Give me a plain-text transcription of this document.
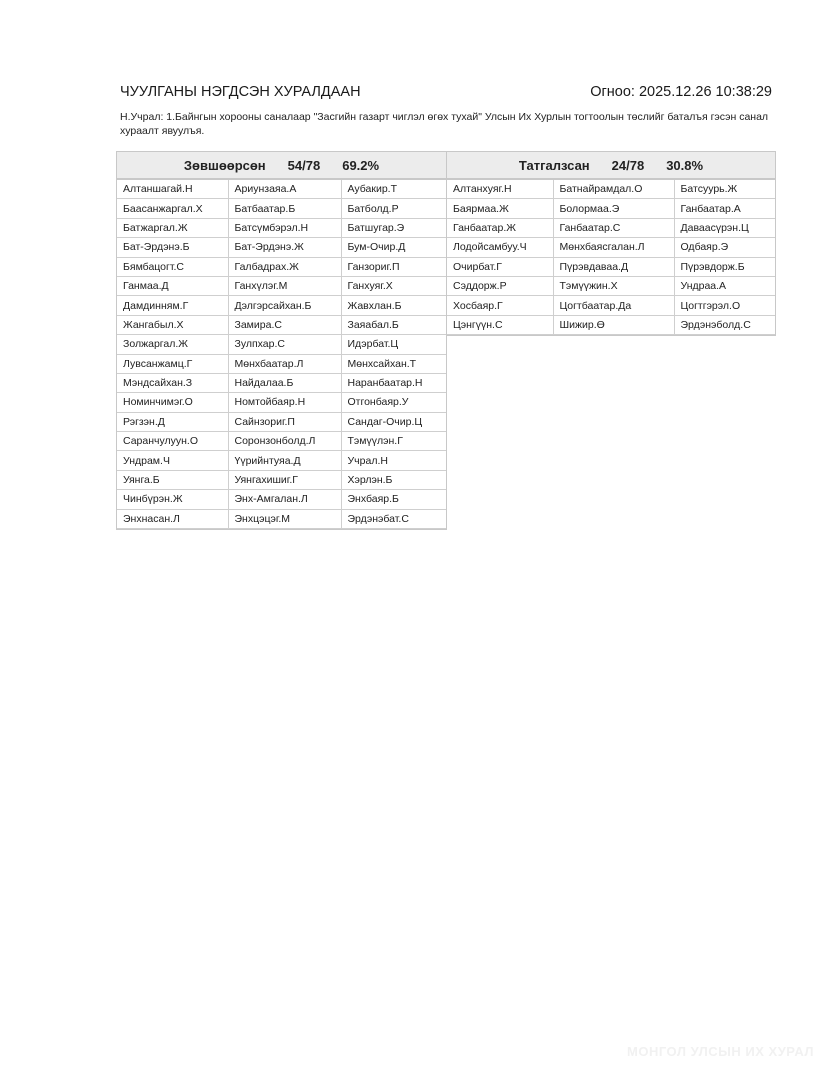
ЧУУЛГАНЫ НЭГДСЭН ХУРАЛДААН	Огноо: 2025.12.26 10:38:29
Н.Учрал: 1.Байнгын хорооны саналаар "Засгийн газарт чиглэл өгөх тухай" Улсын Их Хурлын тогтоолын төслийг баталъя гэсэн санал хураалт явуулъя.
Зөвшөөрсөн 54/78 69.2%
Алтаншагай.Н	Ариунзаяа.А	Аубакир.Т
Баасанжаргал.Х	Батбаатар.Б	Батболд.Р
Батжаргал.Ж	Батсүмбэрэл.Н	Батшугар.Э
Бат-Эрдэнэ.Б	Бат-Эрдэнэ.Ж	Бум-Очир.Д
Бямбацогт.С	Галбадрах.Ж	Ганзориг.П
Ганмаа.Д	Ганхүлэг.М	Ганхуяг.Х
Дамдинням.Г	Дэлгэрсайхан.Б	Жавхлан.Б
Жангабыл.Х	Замира.С	Заяабал.Б
Золжаргал.Ж	Зулпхар.С	Идэрбат.Ц
Лувсанжамц.Г	Мөнхбаатар.Л	Мөнхсайхан.Т
Мэндсайхан.З	Найдалаа.Б	Наранбаатар.Н
Номинчимэг.О	Номтойбаяр.Н	Отгонбаяр.У
Рэгзэн.Д	Сайнзориг.П	Сандаг-Очир.Ц
Саранчулуун.О	Соронзонболд.Л	Тэмүүлэн.Г
Ундрам.Ч	Үүрийнтуяа.Д	Учрал.Н
Уянга.Б	Уянгахишиг.Г	Хэрлэн.Б
Чинбүрэн.Ж	Энх-Амгалан.Л	Энхбаяр.Б
Энхнасан.Л	Энхцэцэг.М	Эрдэнэбат.С
Татгалзсан 24/78 30.8%
Алтанхуяг.Н	Батнайрамдал.О	Батсуурь.Ж
Баярмаа.Ж	Болормаа.Э	Ганбаатар.А
Ганбаатар.Ж	Ганбаатар.С	Даваасүрэн.Ц
Лодойсамбуу.Ч	Мөнхбаясгалан.Л	Одбаяр.Э
Очирбат.Г	Пүрэвдаваа.Д	Пүрэвдорж.Б
Сэддорж.Р	Тэмүүжин.Х	Ундраа.А
Хосбаяр.Г	Цогтбаатар.Да	Цогтгэрэл.О
Цэнгүүн.С	Шижир.Ө	Эрдэнэболд.С
МОНГОЛ УЛСЫН ИХ ХУРАЛ
